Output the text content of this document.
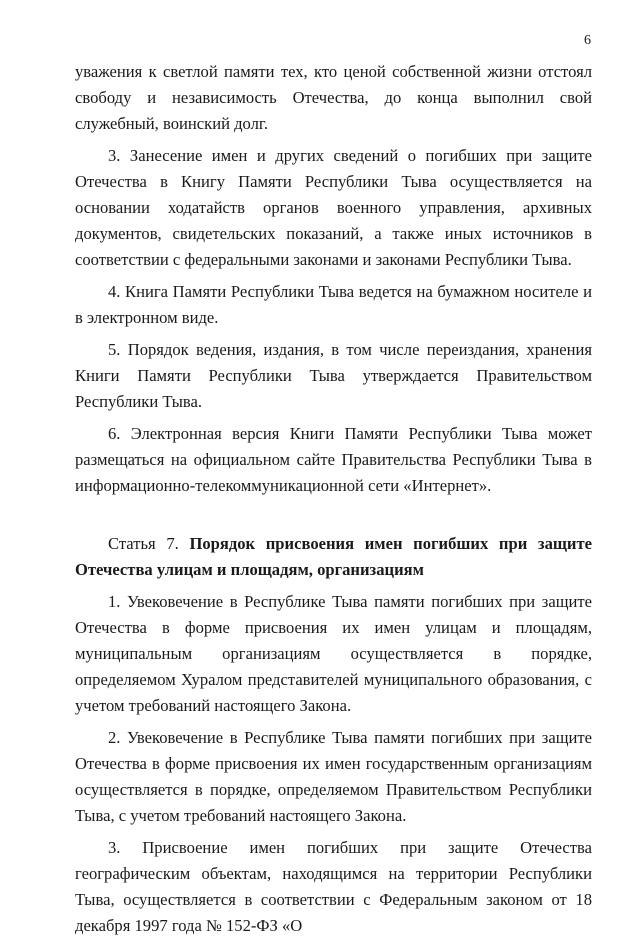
6

уважения к светлой памяти тех, кто ценой собственной жизни отстоял свободу и независимость Отечества, до конца выполнил свой служебный, воинский долг.

3. Занесение имен и других сведений о погибших при защите Отечества в Книгу Памяти Республики Тыва осуществляется на основании ходатайств органов военного управления, архивных документов, свидетельских показаний, а также иных источников в соответствии с федеральными законами и законами Республики Тыва.

4. Книга Памяти Республики Тыва ведется на бумажном носителе и в электронном виде.

5. Порядок ведения, издания, в том числе переиздания, хранения Книги Памяти Республики Тыва утверждается Правительством Республики Тыва.

6. Электронная версия Книги Памяти Республики Тыва может размещаться на официальном сайте Правительства Республики Тыва в информационно-телекоммуникационной сети «Интернет».

Статья 7. Порядок присвоения имен погибших при защите Отечества улицам и площадям, организациям

1. Увековечение в Республике Тыва памяти погибших при защите Отечества в форме присвоения их имен улицам и площадям, муниципальным организациям осуществляется в порядке, определяемом Хуралом представителей муниципального образования, с учетом требований настоящего Закона.

2. Увековечение в Республике Тыва памяти погибших при защите Отечества в форме присвоения их имен государственным организациям осуществляется в порядке, определяемом Правительством Республики Тыва, с учетом требований настоящего Закона.

3. Присвоение имен погибших при защите Отечества географическим объектам, находящимся на территории Республики Тыва, осуществляется в соответствии с Федеральным законом от 18 декабря 1997 года № 152-ФЗ «О
